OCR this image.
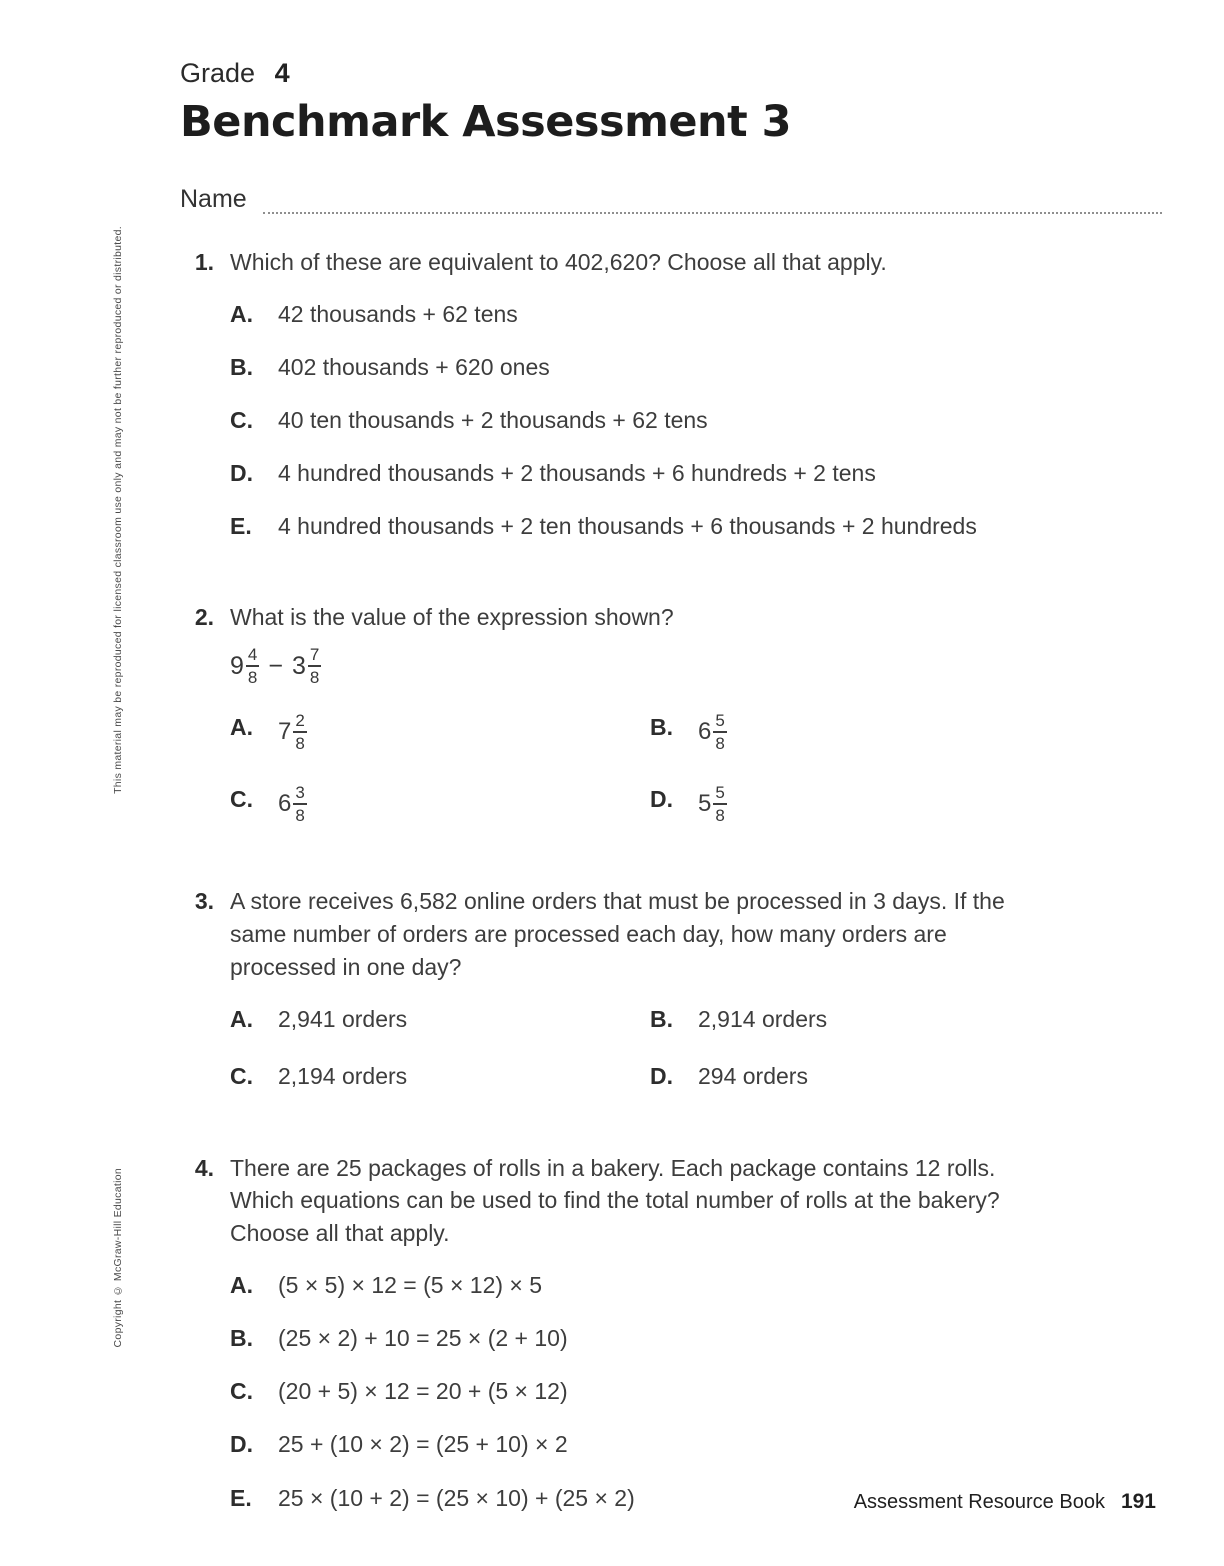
This material may be reproduced for licensed classroom use only and may not be further reproduced or distributed.
Copyright © McGraw-Hill Education
Grade 4
Benchmark Assessment 3
Name
1. Which of these are equivalent to 402,620? Choose all that apply.

A.	42 thousands + 62 tens
B.	402 thousands + 620 ones
C.	40 ten thousands + 2 thousands + 62 tens
D.	4 hundred thousands + 2 thousands + 6 hundreds + 2 tens
E.	4 hundred thousands + 2 ten thousands + 6 thousands + 2 hundreds
2. What is the value of the expression shown?

$9 \frac{4}{8} - 3 \frac{7}{8}$
A.	$7 \frac{2}{8}$	B.	$6 \frac{5}{8}$
C.	$6 \frac{3}{8}$	D.	$5 \frac{5}{8}$
3. A store receives 6,582 online orders that must be processed in 3 days. If the same number of orders are processed each day, how many orders are processed in one day?

A.	2,941 orders	B.	2,914 orders
C.	2,194 orders	D.	294 orders
4. There are 25 packages of rolls in a bakery. Each package contains 12 rolls. Which equations can be used to find the total number of rolls at the bakery? Choose all that apply.

A.	(5 × 5) × 12 = (5 × 12) × 5
B.	(25 × 2) + 10 = 25 × (2 + 10)
C.	(20 + 5) × 12 = 20 + (5 × 12)
D.	25 + (10 × 2) = (25 + 10) × 2
E.	25 × (10 + 2) = (25 × 10) + (25 × 2)	Assessment Resource Book 191
